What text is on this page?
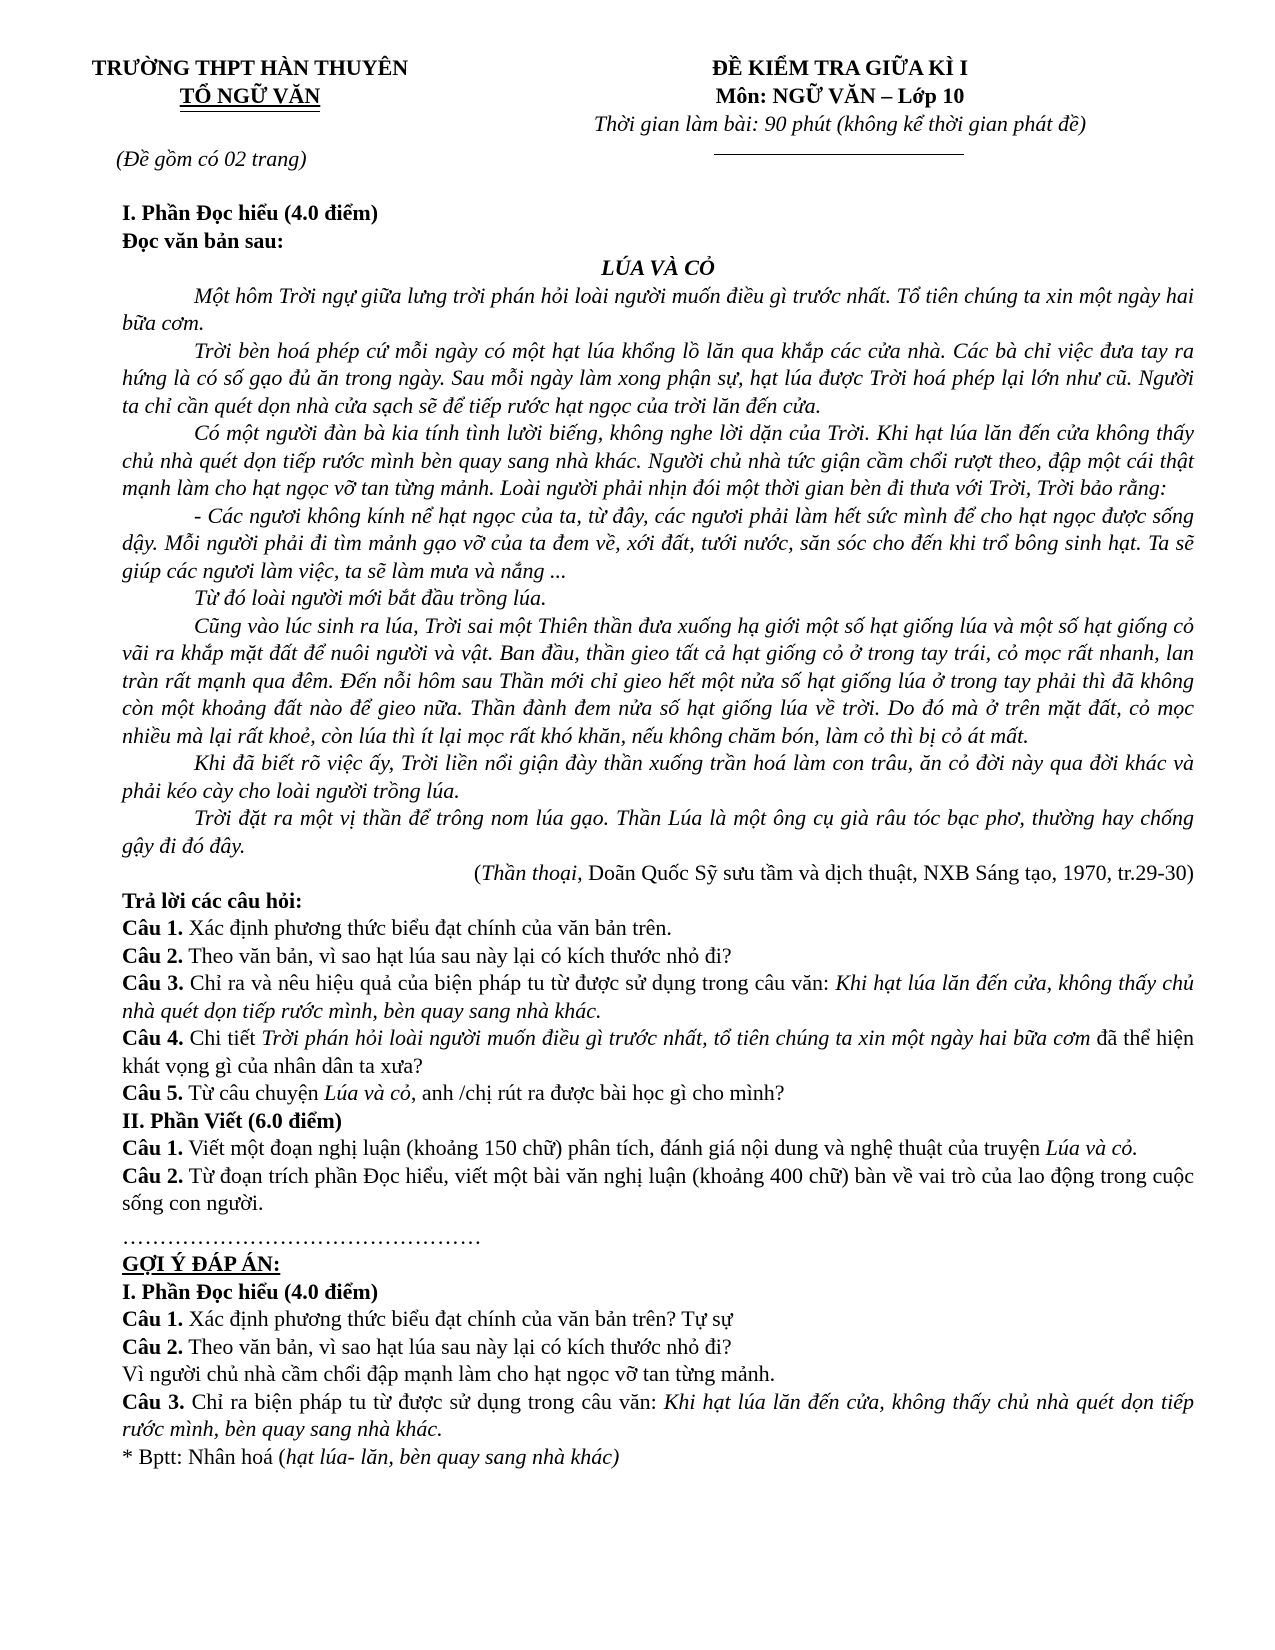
TRƯỜNG THPT HÀN THUYÊN
TỔ NGỮ VĂN
ĐỀ KIỂM TRA GIỮA KÌ I
Môn: NGỮ VĂN – Lớp 10
Thời gian làm bài: 90 phút (không kể thời gian phát đề)
(Đề gồm có 02 trang)

I. Phần Đọc hiểu (4.0 điểm)

Đọc văn bản sau:

LÚA VÀ CỎ

Một hôm Trời ngự giữa lưng trời phán hỏi loài người muốn điều gì trước nhất. Tổ tiên chúng ta xin một ngày hai bữa cơm.

Trời bèn hoá phép cứ mỗi ngày có một hạt lúa khổng lồ lăn qua khắp các cửa nhà. Các bà chỉ việc đưa tay ra hứng là có số gạo đủ ăn trong ngày. Sau mỗi ngày làm xong phận sự, hạt lúa được Trời hoá phép lại lớn như cũ. Người ta chỉ cần quét dọn nhà cửa sạch sẽ để tiếp rước hạt ngọc của trời lăn đến cửa.

Có một người đàn bà kia tính tình lười biếng, không nghe lời dặn của Trời. Khi hạt lúa lăn đến cửa không thấy chủ nhà quét dọn tiếp rước mình bèn quay sang nhà khác. Người chủ nhà tức giận cầm chổi rượt theo, đập một cái thật mạnh làm cho hạt ngọc vỡ tan từng mảnh. Loài người phải nhịn đói một thời gian bèn đi thưa với Trời, Trời bảo rằng:

- Các ngươi không kính nể hạt ngọc của ta, từ đây, các ngươi phải làm hết sức mình để cho hạt ngọc được sống dậy. Mỗi người phải đi tìm mảnh gạo vỡ của ta đem về, xới đất, tưới nước, săn sóc cho đến khi trổ bông sinh hạt. Ta sẽ giúp các ngươi làm việc, ta sẽ làm mưa và nắng ...

Từ đó loài người mới bắt đầu trồng lúa.

Cũng vào lúc sinh ra lúa, Trời sai một Thiên thần đưa xuống hạ giới một số hạt giống lúa và một số hạt giống cỏ vãi ra khắp mặt đất để nuôi người và vật. Ban đầu, thần gieo tất cả hạt giống cỏ ở trong tay trái, cỏ mọc rất nhanh, lan tràn rất mạnh qua đêm. Đến nỗi hôm sau Thần mới chỉ gieo hết một nửa số hạt giống lúa ở trong tay phải thì đã không còn một khoảng đất nào để gieo nữa. Thần đành đem nửa số hạt giống lúa về trời. Do đó mà ở trên mặt đất, cỏ mọc nhiều mà lại rất khoẻ, còn lúa thì ít lại mọc rất khó khăn, nếu không chăm bón, làm cỏ thì bị cỏ át mất.

Khi đã biết rõ việc ấy, Trời liền nổi giận đày thần xuống trần hoá làm con trâu, ăn cỏ đời này qua đời khác và phải kéo cày cho loài người trồng lúa.

Trời đặt ra một vị thần để trông nom lúa gạo. Thần Lúa là một ông cụ già râu tóc bạc phơ, thường hay chống gậy đi đó đây.

(Thần thoại, Doãn Quốc Sỹ sưu tầm và dịch thuật, NXB Sáng tạo, 1970, tr.29-30)

Trả lời các câu hỏi:

Câu 1. Xác định phương thức biểu đạt chính của văn bản trên.

Câu 2. Theo văn bản, vì sao hạt lúa sau này lại có kích thước nhỏ đi?

Câu 3. Chỉ ra và nêu hiệu quả của biện pháp tu từ được sử dụng trong câu văn: Khi hạt lúa lăn đến cửa, không thấy chủ nhà quét dọn tiếp rước mình, bèn quay sang nhà khác.

Câu 4. Chi tiết Trời phán hỏi loài người muốn điều gì trước nhất, tổ tiên chúng ta xin một ngày hai bữa cơm đã thể hiện khát vọng gì của nhân dân ta xưa?

Câu 5. Từ câu chuyện Lúa và cỏ, anh /chị rút ra được bài học gì cho mình?

II. Phần Viết (6.0 điểm)

Câu 1. Viết một đoạn nghị luận (khoảng 150 chữ) phân tích, đánh giá nội dung và nghệ thuật của truyện Lúa và cỏ.

Câu 2. Từ đoạn trích phần Đọc hiểu, viết một bài văn nghị luận (khoảng 400 chữ) bàn về vai trò của lao động trong cuộc sống con người.

…………………………………………

GỢI Ý ĐÁP ÁN:

I. Phần Đọc hiểu (4.0 điểm)

Câu 1. Xác định phương thức biểu đạt chính của văn bản trên? Tự sự

Câu 2. Theo văn bản, vì sao hạt lúa sau này lại có kích thước nhỏ đi?

Vì người chủ nhà cầm chổi đập mạnh làm cho hạt ngọc vỡ tan từng mảnh.

Câu 3. Chỉ ra biện pháp tu từ được sử dụng trong câu văn: Khi hạt lúa lăn đến cửa, không thấy chủ nhà quét dọn tiếp rước mình, bèn quay sang nhà khác.

* Bptt: Nhân hoá (hạt lúa- lăn, bèn quay sang nhà khác)
